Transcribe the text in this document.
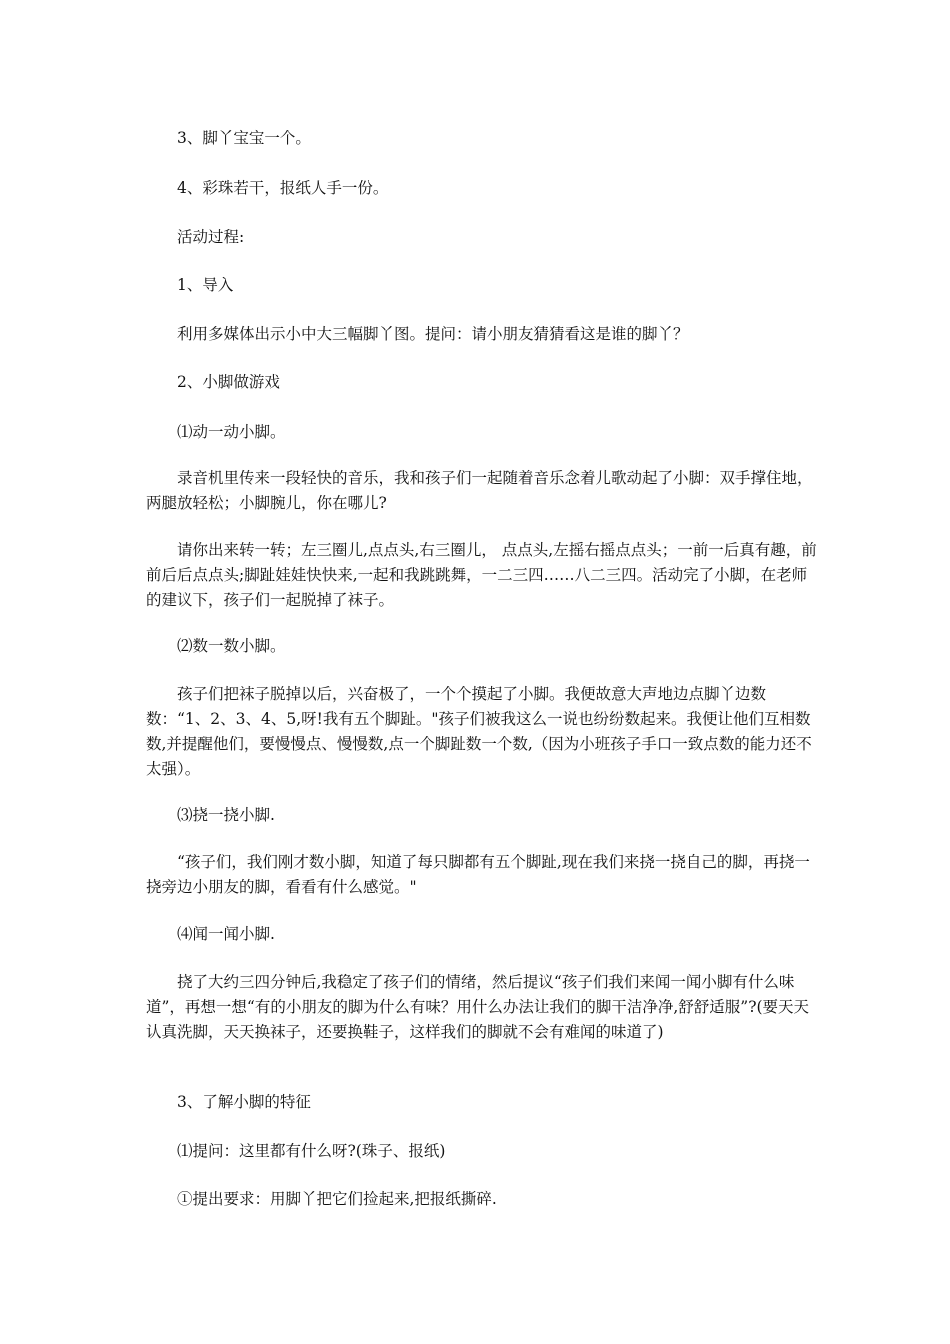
3、脚丫宝宝一个。

4、彩珠若干，报纸人手一份。

活动过程:

1、导入

利用多媒体出示小中大三幅脚丫图。提问：请小朋友猜猜看这是谁的脚丫？

2、小脚做游戏

⑴动一动小脚。

录音机里传来一段轻快的音乐，我和孩子们一起随着音乐念着儿歌动起了小脚：双手撑住地，两腿放轻松；小脚腕儿，你在哪儿?

请你出来转一转；左三圈儿,点点头,右三圈儿， 点点头,左摇右摇点点头；一前一后真有趣，前前后后点点头;脚趾娃娃快快来,一起和我跳跳舞，一二三四……八二三四。活动完了小脚，在老师的建议下，孩子们一起脱掉了袜子。

⑵数一数小脚。

孩子们把袜子脱掉以后，兴奋极了，一个个摸起了小脚。我便故意大声地边点脚丫边数数：“1、2、3、4、5,呀!我有五个脚趾。"孩子们被我这么一说也纷纷数起来。我便让他们互相数数,并提醒他们，要慢慢点、慢慢数,点一个脚趾数一个数,（因为小班孩子手口一致点数的能力还不太强）。

⑶挠一挠小脚.

“孩子们，我们刚才数小脚，知道了每只脚都有五个脚趾,现在我们来挠一挠自己的脚，再挠一挠旁边小朋友的脚，看看有什么感觉。"

⑷闻一闻小脚.

挠了大约三四分钟后,我稳定了孩子们的情绪，然后提议“孩子们我们来闻一闻小脚有什么味道”，再想一想“有的小朋友的脚为什么有味？用什么办法让我们的脚干洁净净,舒舒适服”?(要天天认真洗脚，天天换袜子，还要换鞋子，这样我们的脚就不会有难闻的味道了)

3、了解小脚的特征

⑴提问：这里都有什么呀?(珠子、报纸)

①提出要求：用脚丫把它们捡起来,把报纸撕碎.
